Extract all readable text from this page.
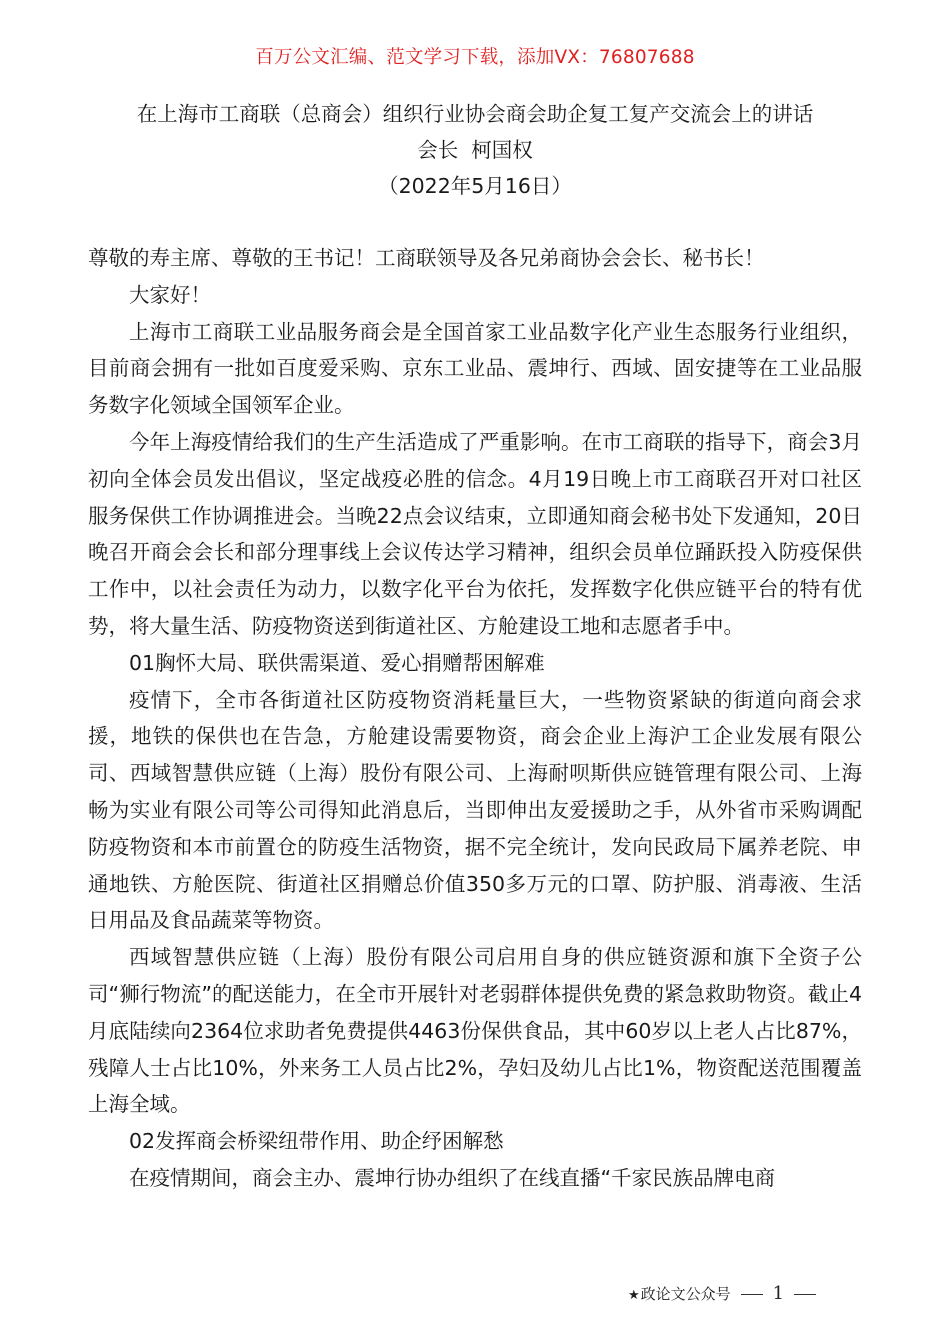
百万公文汇编、范文学习下载，添加VX：76807688
在上海市工商联（总商会）组织行业协会商会助企复工复产交流会上的讲话
会长  柯国权
（2022年5月16日）

尊敬的寿主席、尊敬的王书记！工商联领导及各兄弟商协会会长、秘书长！

大家好！

上海市工商联工业品服务商会是全国首家工业品数字化产业生态服务行业组织，目前商会拥有一批如百度爱采购、京东工业品、震坤行、西域、固安捷等在工业品服务数字化领域全国领军企业。

今年上海疫情给我们的生产生活造成了严重影响。在市工商联的指导下，商会3月初向全体会员发出倡议，坚定战疫必胜的信念。4月19日晚上市工商联召开对口社区服务保供工作协调推进会。当晚22点会议结束，立即通知商会秘书处下发通知，20日晚召开商会会长和部分理事线上会议传达学习精神，组织会员单位踊跃投入防疫保供工作中，以社会责任为动力，以数字化平台为依托，发挥数字化供应链平台的特有优势，将大量生活、防疫物资送到街道社区、方舱建设工地和志愿者手中。

01胸怀大局、联供需渠道、爱心捐赠帮困解难

疫情下，全市各街道社区防疫物资消耗量巨大，一些物资紧缺的街道向商会求援，地铁的保供也在告急，方舱建设需要物资，商会企业上海沪工企业发展有限公司、西域智慧供应链（上海）股份有限公司、上海耐呗斯供应链管理有限公司、上海畅为实业有限公司等公司得知此消息后，当即伸出友爱援助之手，从外省市采购调配防疫物资和本市前置仓的防疫生活物资，据不完全统计，发向民政局下属养老院、申通地铁、方舱医院、街道社区捐赠总价值350多万元的口罩、防护服、消毒液、生活日用品及食品蔬菜等物资。

西域智慧供应链（上海）股份有限公司启用自身的供应链资源和旗下全资子公司“狮行物流”的配送能力，在全市开展针对老弱群体提供免费的紧急救助物资。截止4月底陆续向2364位求助者免费提供4463份保供食品，其中60岁以上老人占比87%，残障人士占比10%，外来务工人员占比2%，孕妇及幼儿占比1%，物资配送范围覆盖上海全域。

02发挥商会桥梁纽带作用、助企纾困解愁

在疫情期间，商会主办、震坤行协办组织了在线直播“千家民族品牌电商

★政论文公众号 1
